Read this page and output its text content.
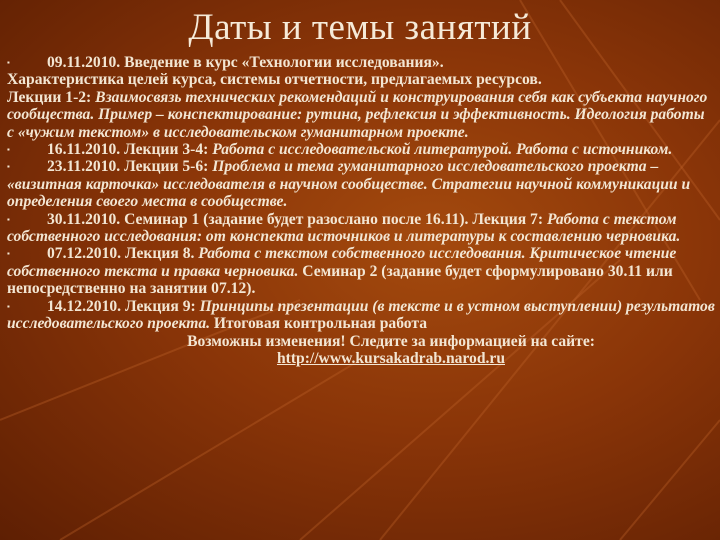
Даты и темы занятий

▪ 09.11.2010. Введение в курс «Технологии исследования».
Характеристика целей курса, системы отчетности, предлагаемых ресурсов.
Лекции 1-2: Взаимосвязь технических рекомендаций и конструирования себя как субъекта научного сообщества. Пример – конспектирование: рутина, рефлексия и эффективность. Идеология работы с «чужим текстом» в исследовательском гуманитарном проекте.

▪ 16.11.2010. Лекции 3-4: Работа с исследовательской литературой. Работа с источником.

▪ 23.11.2010. Лекции 5-6: Проблема и тема гуманитарного исследовательского проекта – «визитная карточка» исследователя в научном сообществе. Стратегии научной коммуникации и определения своего места в сообществе.

▪ 30.11.2010. Семинар 1 (задание будет разослано после 16.11). Лекция 7: Работа с текстом собственного исследования: от конспекта источников и литературы к составлению черновика.

▪ 07.12.2010. Лекция 8. Работа с текстом собственного исследования. Критическое чтение собственного текста и правка черновика. Семинар 2 (задание будет сформулировано 30.11 или непосредственно на занятии 07.12).

▪ 14.12.2010. Лекция 9: Принципы презентации (в тексте и в устном выступлении) результатов исследовательского проекта. Итоговая контрольная работа

Возможны изменения! Следите за информацией на сайте:
http://www.kursakadrab.narod.ru
